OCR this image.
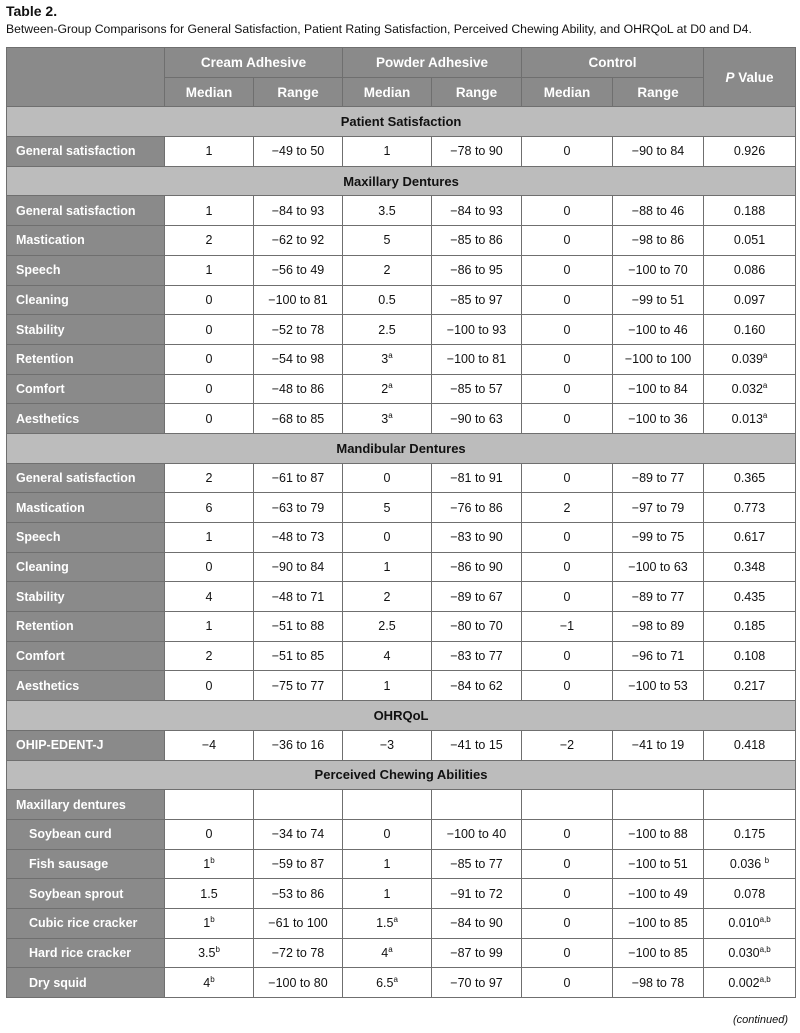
Table 2.
Between-Group Comparisons for General Satisfaction, Patient Rating Satisfaction, Perceived Chewing Ability, and OHRQoL at D0 and D4.
	Cream Adhesive		Powder Adhesive		Control		P Value
	Median	Range	Median	Range	Median	Range	
Patient Satisfaction							
General satisfaction	1	−49 to 50	1	−78 to 90	0	−90 to 84	0.926
Maxillary Dentures							
General satisfaction	1	−84 to 93	3.5	−84 to 93	0	−88 to 46	0.188
Mastication	2	−62 to 92	5	−85 to 86	0	−98 to 86	0.051
Speech	1	−56 to 49	2	−86 to 95	0	−100 to 70	0.086
Cleaning	0	−100 to 81	0.5	−85 to 97	0	−99 to 51	0.097
Stability	0	−52 to 78	2.5	−100 to 93	0	−100 to 46	0.160
Retention	0	−54 to 98	$3^a$	−100 to 81	0	−100 to 100	0.039$^a$
Comfort	0	−48 to 86	$2^a$	−85 to 57	0	−100 to 84	0.032$^a$
Aesthetics	0	−68 to 85	$3^a$	−90 to 63	0	−100 to 36	0.013$^a$
Mandibular Dentures							
General satisfaction	2	−61 to 87	0	−81 to 91	0	−89 to 77	0.365
Mastication	6	−63 to 79	5	−76 to 86	2	−97 to 79	0.773
Speech	1	−48 to 73	0	−83 to 90	0	−99 to 75	0.617
Cleaning	0	−90 to 84	1	−86 to 90	0	−100 to 63	0.348
Stability	4	−48 to 71	2	−89 to 67	0	−89 to 77	0.435
Retention	1	−51 to 88	2.5	−80 to 70	−1	−98 to 89	0.185
Comfort	2	−51 to 85	4	−83 to 77	0	−96 to 71	0.108
Aesthetics	0	−75 to 77	1	−84 to 62	0	−100 to 53	0.217
OHRQoL							
OHIP-EDENT-J	−4	−36 to 16	−3	−41 to 15	−2	−41 to 19	0.418
Perceived Chewing Abilities							
Maxillary dentures							
Soybean curd	0	−34 to 74	0	−100 to 40	0	−100 to 88	0.175
Fish sausage	$1^b$	−59 to 87	1	−85 to 77	0	−100 to 51	0.036 $^b$
Soybean sprout	1.5	−53 to 86	1	−91 to 72	0	−100 to 49	0.078
Cubic rice cracker	$1^b$	−61 to 100	1.5$^a$	−84 to 90	0	−100 to 85	0.010$^{a,b}$
Hard rice cracker	3.5$^b$	−72 to 78	$4^a$	−87 to 99	0	−100 to 85	0.030$^{a,b}$
Dry squid	$4^b$	−100 to 80	6.5$^a$	−70 to 97	0	−98 to 78	0.002$^{a,b}$
(continued)
